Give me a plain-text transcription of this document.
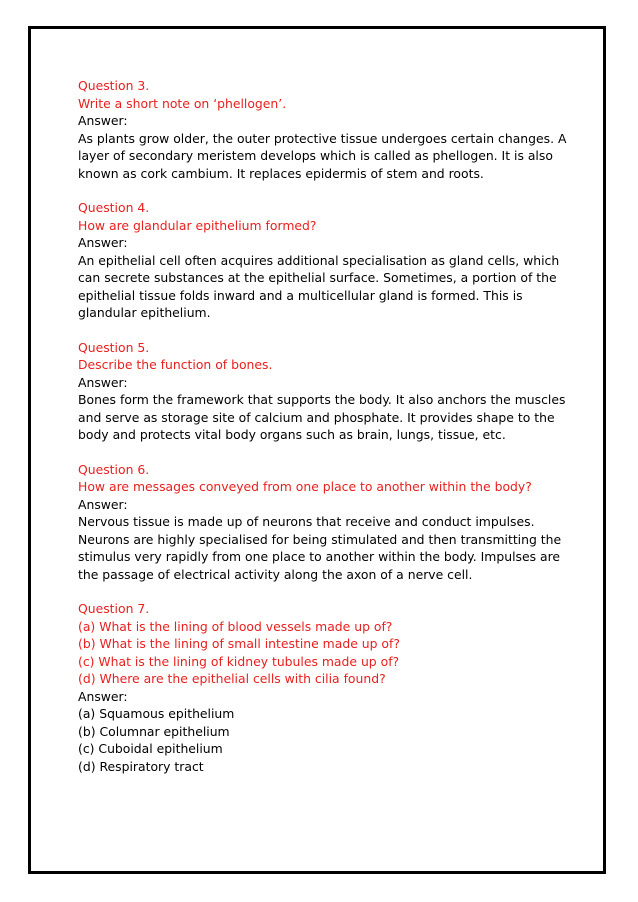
Question 3.
Write a short note on ‘phellogen’.
Answer:
As plants grow older, the outer protective tissue undergoes certain changes. A
layer of secondary meristem develops which is called as phellogen. It is also
known as cork cambium. It replaces epidermis of stem and roots.
Question 4.
How are glandular epithelium formed?
Answer:
An epithelial cell often acquires additional specialisation as gland cells, which
can secrete substances at the epithelial surface. Sometimes, a portion of the
epithelial tissue folds inward and a multicellular gland is formed. This is
glandular epithelium.
Question 5.
Describe the function of bones.
Answer:
Bones form the framework that supports the body. It also anchors the muscles
and serve as storage site of calcium and phosphate. It provides shape to the
body and protects vital body organs such as brain, lungs, tissue, etc.
Question 6.
How are messages conveyed from one place to another within the body?
Answer:
Nervous tissue is made up of neurons that receive and conduct impulses.
Neurons are highly specialised for being stimulated and then transmitting the
stimulus very rapidly from one place to another within the body. Impulses are
the passage of electrical activity along the axon of a nerve cell.
Question 7.
(a) What is the lining of blood vessels made up of?
(b) What is the lining of small intestine made up of?
(c) What is the lining of kidney tubules made up of?
(d) Where are the epithelial cells with cilia found?
Answer:
(a) Squamous epithelium
(b) Columnar epithelium
(c) Cuboidal epithelium
(d) Respiratory tract
